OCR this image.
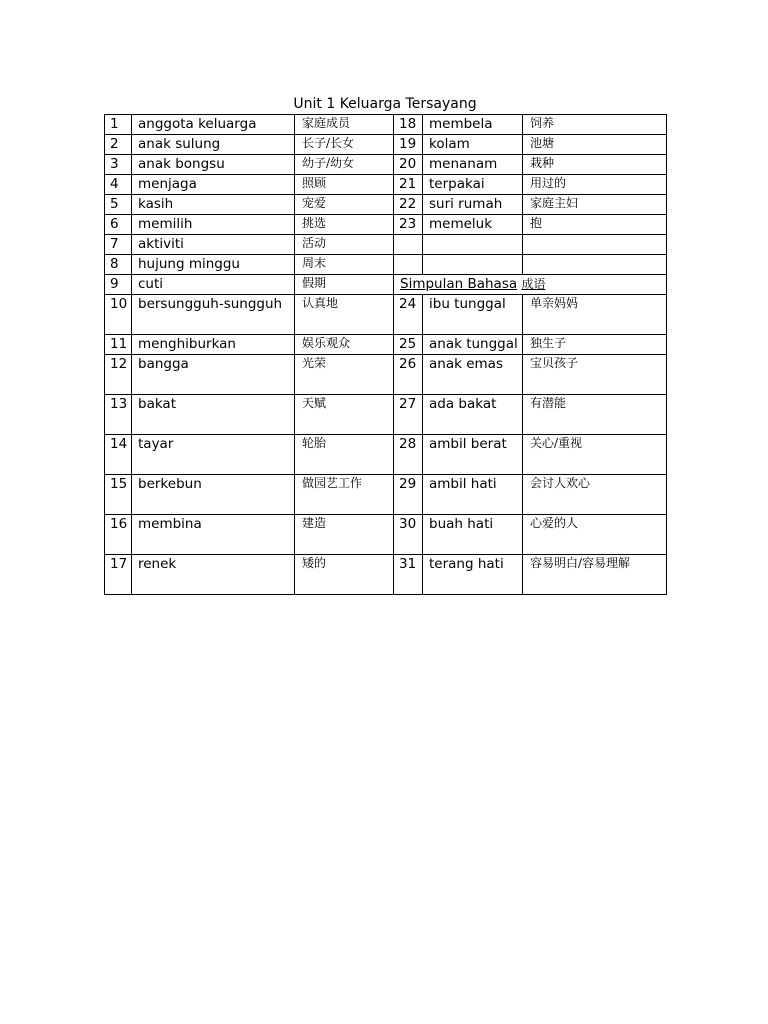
Unit 1 Keluarga Tersayang
1	anggota keluarga	家庭成员	18	membela	饲养
2	anak sulung	长子/长女	19	kolam	池塘
3	anak bongsu	幼子/幼女	20	menanam	栽种
4	menjaga	照顾	21	terpakai	用过的
5	kasih	宠爱	22	suri rumah	家庭主妇
6	memilih	挑选	23	memeluk	抱
7	aktiviti	活动			
8	hujung minggu	周末			
9	cuti	假期	Simpulan Bahasa 成语		
10	bersungguh-sungguh	认真地	24	ibu tunggal	单亲妈妈
11	menghiburkan	娱乐观众	25	anak tunggal	独生子
12	bangga	光荣	26	anak emas	宝贝孩子
13	bakat	天赋	27	ada bakat	有潜能
14	tayar	轮胎	28	ambil berat	关心/重视
15	berkebun	做园艺工作	29	ambil hati	会讨人欢心
16	membina	建造	30	buah hati	心爱的人
17	renek	矮的	31	terang hati	容易明白/容易理解
